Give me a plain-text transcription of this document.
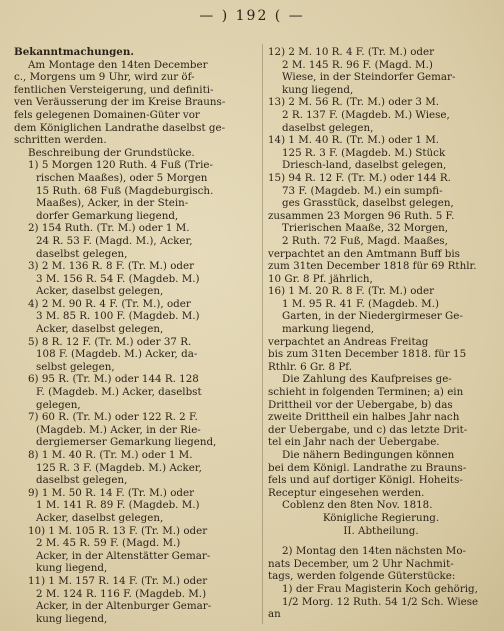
— ) 192 ( —
Bekanntmachungen.
Am Montage den 14ten December
c., Morgens um 9 Uhr, wird zur öf-
fentlichen Versteigerung, und definiti-
ven Veräusserung der im Kreise Brauns-
fels gelegenen Domainen-Güter vor
dem Königlichen Landrathe daselbst ge-
schritten werden.
Beschreibung der Grundstücke.
1) 5 Morgen 120 Ruth. 4 Fuß (Trie-
rischen Maaßes), oder 5 Morgen
15 Ruth. 68 Fuß (Magdeburgisch.
Maaßes), Acker, in der Stein-
dorfer Gemarkung liegend,
2) 154 Ruth. (Tr. M.) oder 1 M.
24 R. 53 F. (Magd. M.), Acker,
daselbst gelegen,
3) 2 M. 136 R. 8 F. (Tr. M.) oder
3 M. 156 R. 54 F. (Magdeb. M.)
Acker, daselbst gelegen,
4) 2 M. 90 R. 4 F. (Tr. M.), oder
3 M. 85 R. 100 F. (Magdeb. M.)
Acker, daselbst gelegen,
5) 8 R. 12 F. (Tr. M.) oder 37 R.
108 F. (Magdeb. M.) Acker, da-
selbst gelegen,
6) 95 R. (Tr. M.) oder 144 R. 128
F. (Magdeb. M.) Acker, daselbst
gelegen,
7) 60 R. (Tr. M.) oder 122 R. 2 F.
(Magdeb. M.) Acker, in der Rie-
dergiemerser Gemarkung liegend,
8) 1 M. 40 R. (Tr. M.) oder 1 M.
125 R. 3 F. (Magdeb. M.) Acker,
daselbst gelegen,
9) 1 M. 50 R. 14 F. (Tr. M.) oder
1 M. 141 R. 89 F. (Magdeb. M.)
Acker, daselbst gelegen,
10) 1 M. 105 R. 13 F. (Tr. M.) oder
2 M. 45 R. 59 F. (Magd. M.)
Acker, in der Altenstätter Gemar-
kung liegend,
11) 1 M. 157 R. 14 F. (Tr. M.) oder
2 M. 124 R. 116 F. (Magdeb. M.)
Acker, in der Altenburger Gemar-
kung liegend,
12) 2 M. 10 R. 4 F. (Tr. M.) oder
2 M. 145 R. 96 F. (Magd. M.)
Wiese, in der Steindorfer Gemar-
kung liegend,
13) 2 M. 56 R. (Tr. M.) oder 3 M.
2 R. 137 F. (Magdeb. M.) Wiese,
daselbst gelegen,
14) 1 M. 40 R. (Tr. M.) oder 1 M.
125 R. 3 F. (Magdeb. M.) Stück
Driesch-land, daselbst gelegen,
15) 94 R. 12 F. (Tr. M.) oder 144 R.
73 F. (Magdeb. M.) ein sumpfi-
ges Grasstück, daselbst gelegen,
zusammen 23 Morgen 96 Ruth. 5 F.
Trierischen Maaße, 32 Morgen,
2 Ruth. 72 Fuß, Magd. Maaßes,
verpachtet an den Amtmann Buff bis
zum 31ten December 1818 für 69 Rthlr.
10 Gr. 8 Pf. jährlich,
16) 1 M. 20 R. 8 F. (Tr. M.) oder
1 M. 95 R. 41 F. (Magdeb. M.)
Garten, in der Niedergirmeser Ge-
markung liegend,
verpachtet an Andreas Freitag
bis zum 31ten December 1818. für 15
Rthlr. 6 Gr. 8 Pf.
Die Zahlung des Kaufpreises ge-
schieht in folgenden Terminen; a) ein
Drittheil vor der Uebergabe, b) das
zweite Drittheil ein halbes Jahr nach
der Uebergabe, und c) das letzte Drit-
tel ein Jahr nach der Uebergabe.
Die nähern Bedingungen können
bei dem Königl. Landrathe zu Brauns-
fels und auf dortiger Königl. Hoheits-
Receptur eingesehen werden.
Coblenz den 8ten Nov. 1818.
Königliche Regierung.
II. Abtheilung.
2) Montag den 14ten nächsten Mo-
nats December, um 2 Uhr Nachmit-
tags, werden folgende Güterstücke:
1) der Frau Magisterin Koch gehörig,
1/2 Morg. 12 Ruth. 54 1/2 Sch. Wiese
an
